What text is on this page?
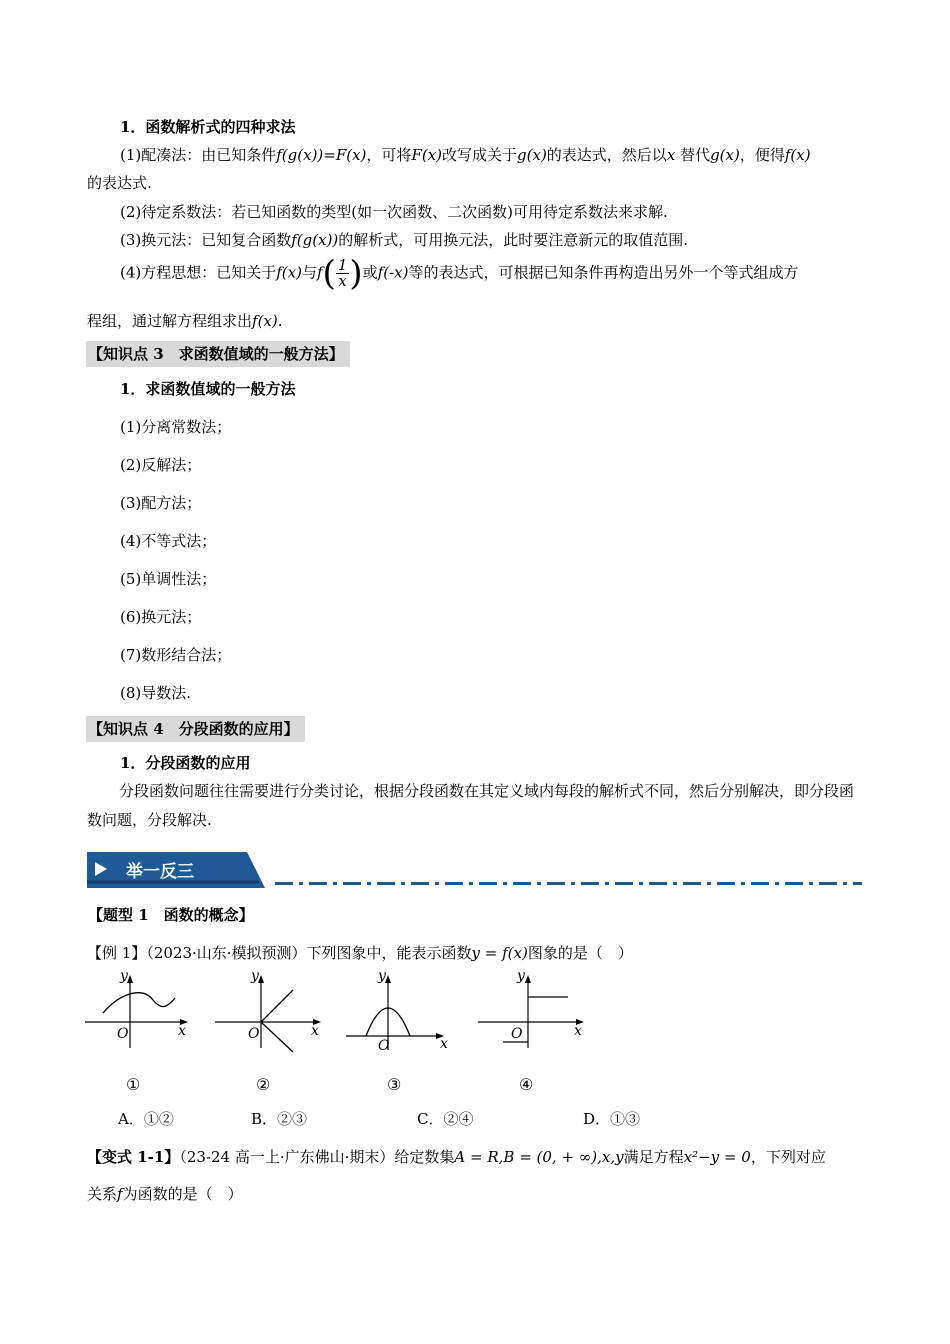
1．函数解析式的四种求法
(1)配凑法：由已知条件f(g(x))=F(x)，可将F(x)改写成关于g(x)的表达式，然后以x 替代g(x)，便得f(x)
的表达式.
(2)待定系数法：若已知函数的类型(如一次函数、二次函数)可用待定系数法来求解.
(3)换元法：已知复合函数f(g(x))的解析式，可用换元法，此时要注意新元的取值范围.
(4)方程思想：已知关于f(x)与$f( \frac{1}{x}$ )或f(-x)等的表达式，可根据已知条件再构造出另外一个等式组成方
程组，通过解方程组求出f(x).
【知识点 3　求函数值域的一般方法】
1．求函数值域的一般方法
(1)分离常数法；
(2)反解法；
(3)配方法；
(4)不等式法；
(5)单调性法；
(6)换元法；
(7)数形结合法；
(8)导数法.
【知识点 4　分段函数的应用】
1．分段函数的应用
分段函数问题往往需要进行分类讨论，根据分段函数在其定义域内每段的解析式不同，然后分别解决，即分段函数问题，分段解决.
举一反三
【题型 1　函数的概念】
【例 1】（2023·山东·模拟预测）下列图象中，能表示函数y = f(x)图象的是（　）
y
x
O
y
x
O
y
x
O
y
x
O
①	②	③	④
A．①②	B．②③	C．②④	D．①③
【变式 1-1】（23-24 高一上·广东佛山·期末）给定数集A = R,B = (0, + ∞),x,y满足方程x²−y = 0，下列对应
关系f为函数的是（　）
